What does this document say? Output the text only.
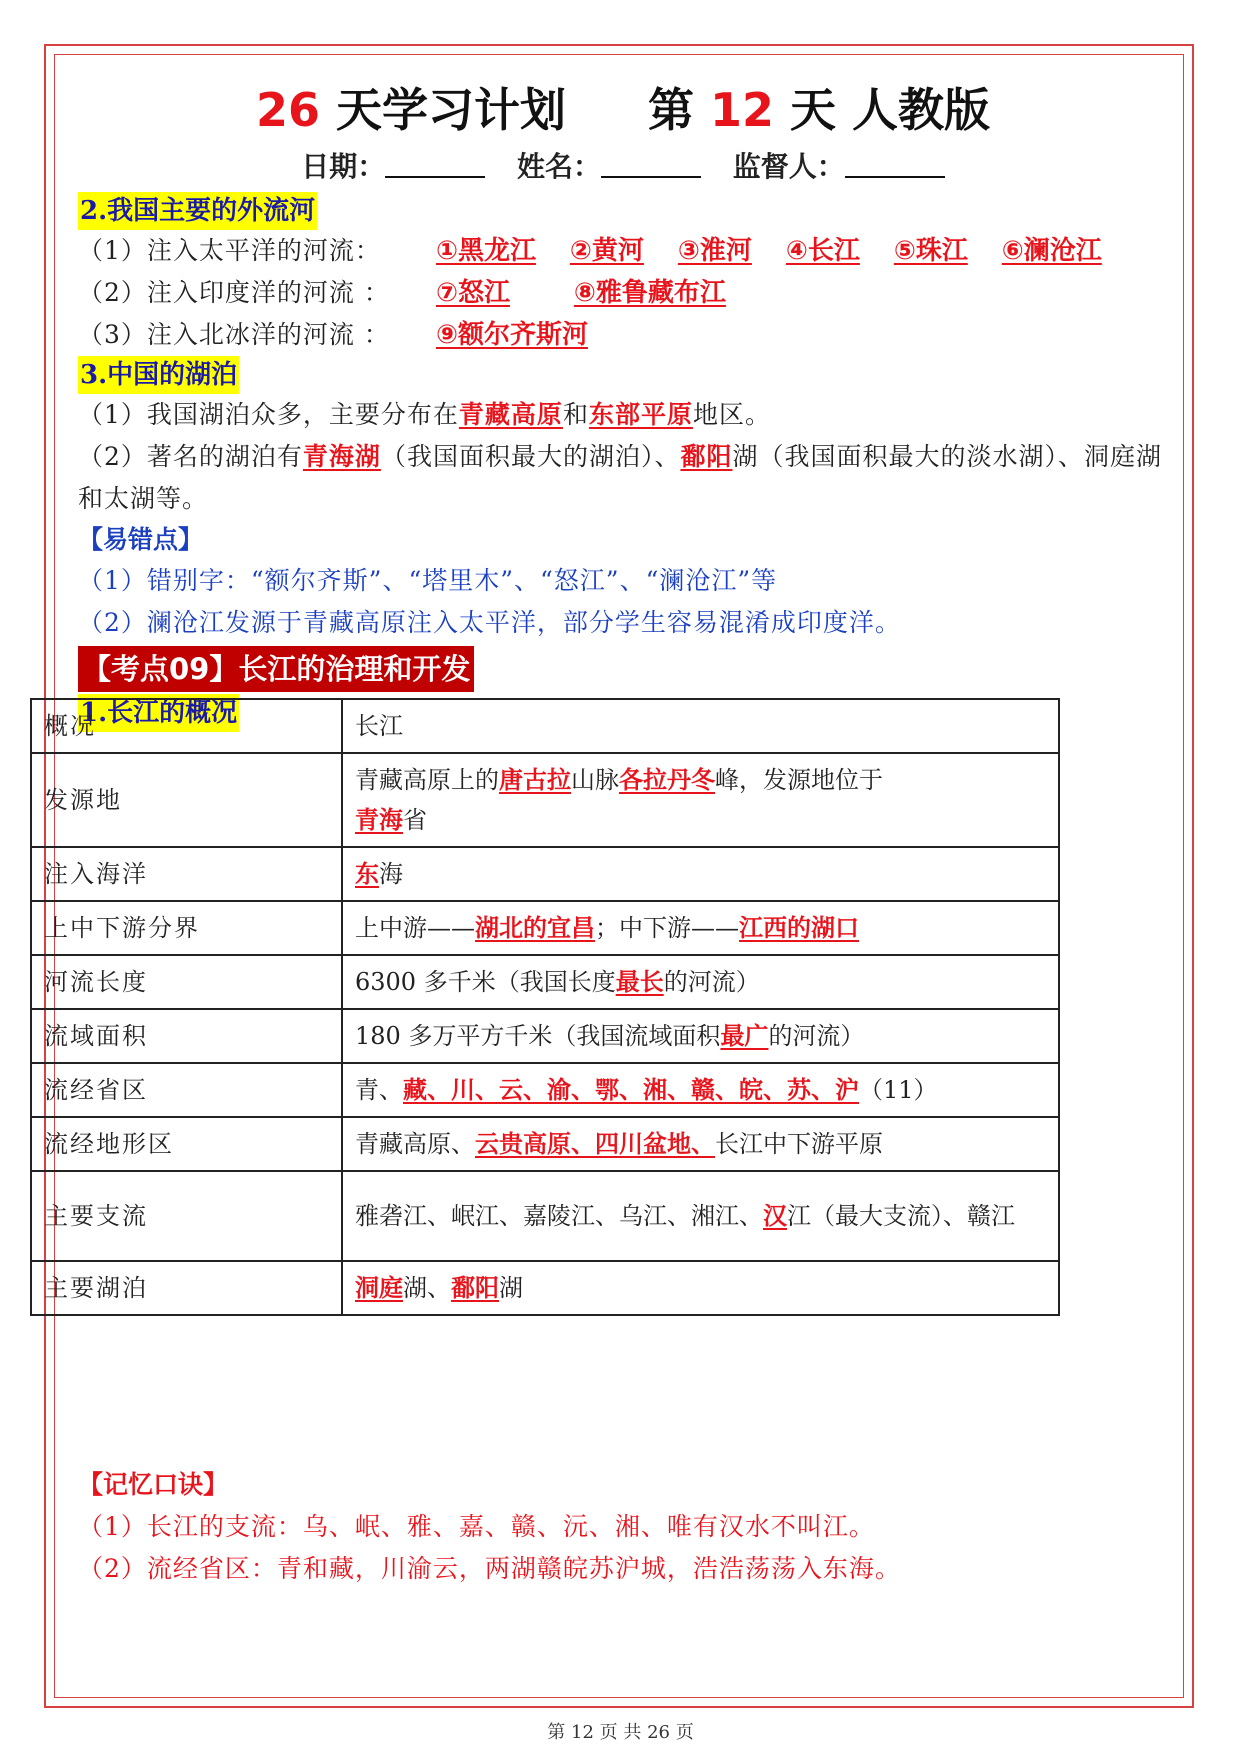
26 天学习计划 第 12 天 人教版
日期：	姓名：	监督人：
2.我国主要的外流河
（1）注入太平洋的河流： ①黑龙江 ②黄河 ③淮河 ④长江 ⑤珠江 ⑥澜沧江
（2）注入印度洋的河流 ： ⑦怒江 ⑧雅鲁藏布江
（3）注入北冰洋的河流 ： ⑨额尔齐斯河
3.中国的湖泊
（1）我国湖泊众多，主要分布在青藏高原和东部平原地区。
（2）著名的湖泊有青海湖（我国面积最大的湖泊）、鄱阳湖（我国面积最大的淡水湖）、洞庭湖和太湖等。
【易错点】
（1）错别字：“额尔齐斯”、“塔里木”、“怒江”、“澜沧江”等
（2）澜沧江发源于青藏高原注入太平洋，部分学生容易混淆成印度洋。
【考点09】长江的治理和开发
1.长江的概况
概况	长江
发源地	青藏高原上的唐古拉山脉各拉丹冬峰，发源地位于
青海省
注入海洋	东海
上中下游分界	上中游——湖北的宜昌；中下游——江西的湖口
河流长度	6300 多千米（我国长度最长的河流）
流域面积	180 多万平方千米（我国流域面积最广的河流）
流经省区	青、藏、川、云、渝、鄂、湘、赣、皖、苏、沪（11）
流经地形区	青藏高原、云贵高原、四川盆地、长江中下游平原
主要支流	雅砻江、岷江、嘉陵江、乌江、湘江、汉江（最大支流）、赣江
主要湖泊	洞庭湖、鄱阳湖
【记忆口诀】
（1）长江的支流：乌、岷、雅、嘉、赣、沅、湘、唯有汉水不叫江。
（2）流经省区：青和藏，川渝云，两湖赣皖苏沪城，浩浩荡荡入东海。
第 12 页 共 26 页
